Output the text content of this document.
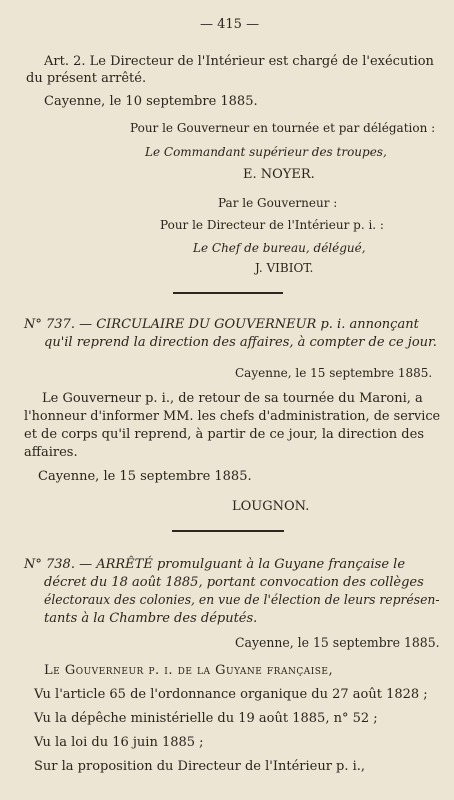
— 415 —
Art. 2. Le Directeur de l'Intérieur est chargé de l'exécution
du présent arrêté.
Cayenne, le 10 septembre 1885.
Pour le Gouverneur en tournée et par délégation :
Le Commandant supérieur des troupes,
E. NOYER.
Par le Gouverneur :
Pour le Directeur de l'Intérieur p. i. :
Le Chef de bureau, délégué,
J. VIBIOT.
N° 737. — CIRCULAIRE DU GOUVERNEUR p. i. annonçant
qu'il reprend la direction des affaires, à compter de ce jour.
Cayenne, le 15 septembre 1885.
Le Gouverneur p. i., de retour de sa tournée du Maroni, a
l'honneur d'informer MM. les chefs d'administration, de service
et de corps qu'il reprend, à partir de ce jour, la direction des
affaires.
Cayenne, le 15 septembre 1885.
LOUGNON.
N° 738. — ARRÊTÉ promulguant à la Guyane française le
décret du 18 août 1885, portant convocation des collèges
électoraux des colonies, en vue de l'élection de leurs représen-
tants à la Chambre des députés.
Cayenne, le 15 septembre 1885.
Le Gouverneur p. i. de la Guyane française,
Vu l'article 65 de l'ordonnance organique du 27 août 1828 ;
Vu la dépêche ministérielle du 19 août 1885, n° 52 ;
Vu la loi du 16 juin 1885 ;
Sur la proposition du Directeur de l'Intérieur p. i.,
